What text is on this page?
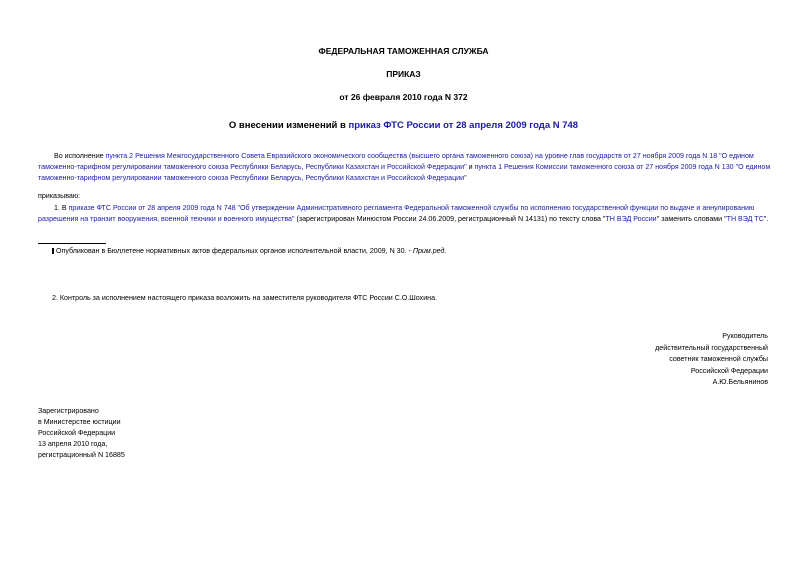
ФЕДЕРАЛЬНАЯ ТАМОЖЕННАЯ СЛУЖБА
ПРИКАЗ
от 26 февраля 2010 года N 372
О внесении изменений в приказ ФТС России от 28 апреля 2009 года N 748
Во исполнение пункта 2 Решения Межгосударственного Совета Евразийского экономического сообщества (высшего органа таможенного союза) на уровне глав государств от 27 ноября 2009 года N 18 "О едином таможенно-тарифном регулировании таможенного союза Республики Беларусь, Республики Казахстан и Российской Федерации" и пункта 1 Решения Комиссии таможенного союза от 27 ноября 2009 года N 130 "О едином таможенно-тарифном регулировании таможенного союза Республики Беларусь, Республики Казахстан и Российской Федерации"
приказываю:
1. В приказе ФТС России от 28 апреля 2009 года N 748 "Об утверждении Административного регламента Федеральной таможенной службы по исполнению государственной функции по выдаче и аннулированию разрешения на транзит вооружения, военной техники и военного имущества" (зарегистрирован Минюстом России 24.06.2009, регистрационный N 14131) по тексту слова "ТН ВЭД России" заменить словами "ТН ВЭД ТС".
Опубликован в Бюллетене нормативных актов федеральных органов исполнительной власти, 2009, N 30. - Прим.ред.
2. Контроль за исполнением настоящего приказа возложить на заместителя руководителя ФТС России С.О.Шохина.
Руководитель
действительный государственный
советник таможенной службы
Российской Федерации
А.Ю.Бельянинов
Зарегистрировано
в Министерстве юстиции
Российской Федерации
13 апреля 2010 года,
регистрационный N 16885
